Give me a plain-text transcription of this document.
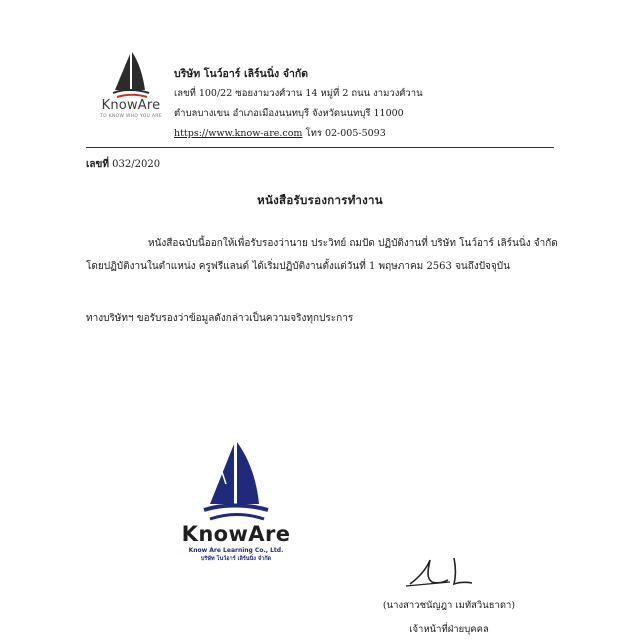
KnowAre
TO KNOW WHO YOU ARE
บริษัท โนว์อาร์ เลิร์นนิ่ง จำกัด
เลขที่ 100/22 ซอยงามวงศ์วาน 14 หมู่ที่ 2 ถนน งามวงศ์วาน
ตำบลบางเขน อำเภอเมืองนนทบุรี จังหวัดนนทบุรี 11000
https://www.know-are.com โทร 02-005-5093
เลขที่ 032/2020
หนังสือรับรองการทำงาน

หนังสือฉบับนี้ออกให้เพื่อรับรองว่านาย ประวิทย์ ถมปัด ปฏิบัติงานที่ บริษัท โนว์อาร์ เลิร์นนิ่ง จำกัด

โดยปฏิบัติงานในตำแหน่ง ครูฟรีแลนด์ ได้เริ่มปฏิบัติงานตั้งแต่วันที่ 1 พฤษภาคม 2563 จนถึงปัจจุบัน

ทางบริษัทฯ ขอรับรองว่าข้อมูลดังกล่าวเป็นความจริงทุกประการ

KnowAre
Know Are Learning Co., Ltd.
บริษัท โนว์อาร์ เลิร์นนิ่ง จำกัด
(นางสาวชนัญฎา เมทัสวินธาดา)
เจ้าหน้าที่ฝ่ายบุคคล
